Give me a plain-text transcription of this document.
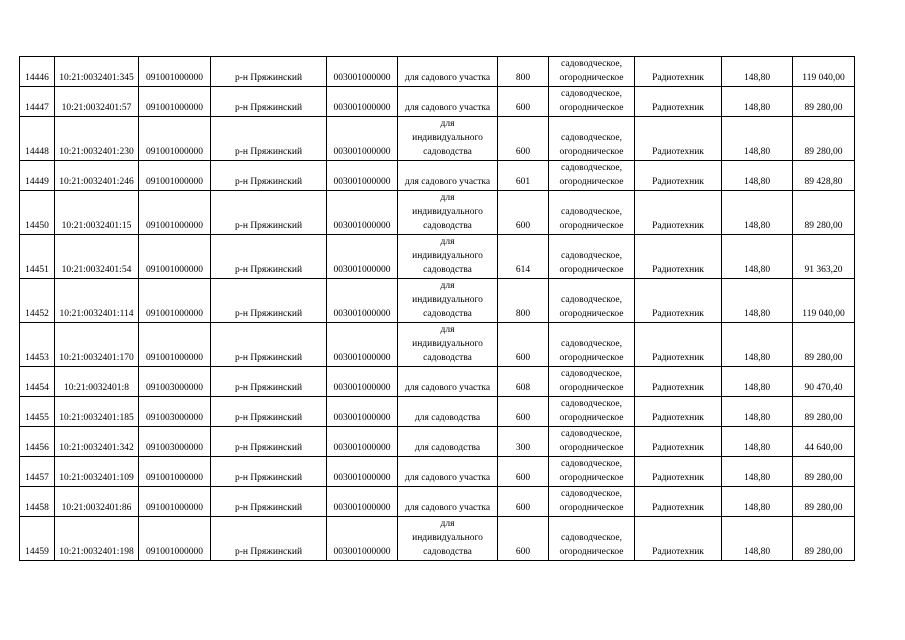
14446	10:21:0032401:345	091001000000	р-н Пряжинский	003001000000	для садового участка	800	садоводческое,
огородническое	Радиотехник	148,80	119 040,00
14447	10:21:0032401:57	091001000000	р-н Пряжинский	003001000000	для садового участка	600	садоводческое,
огородническое	Радиотехник	148,80	89 280,00
14448	10:21:0032401:230	091001000000	р-н Пряжинский	003001000000	для
индивидуального
садоводства	600	садоводческое,
огородническое	Радиотехник	148,80	89 280,00
14449	10:21:0032401:246	091001000000	р-н Пряжинский	003001000000	для садового участка	601	садоводческое,
огородническое	Радиотехник	148,80	89 428,80
14450	10:21:0032401:15	091001000000	р-н Пряжинский	003001000000	для
индивидуального
садоводства	600	садоводческое,
огородническое	Радиотехник	148,80	89 280,00
14451	10:21:0032401:54	091001000000	р-н Пряжинский	003001000000	для
индивидуального
садоводства	614	садоводческое,
огородническое	Радиотехник	148,80	91 363,20
14452	10:21:0032401:114	091001000000	р-н Пряжинский	003001000000	для
индивидуального
садоводства	800	садоводческое,
огородническое	Радиотехник	148,80	119 040,00
14453	10:21:0032401:170	091001000000	р-н Пряжинский	003001000000	для
индивидуального
садоводства	600	садоводческое,
огородническое	Радиотехник	148,80	89 280,00
14454	10:21:0032401:8	091003000000	р-н Пряжинский	003001000000	для садового участка	608	садоводческое,
огородническое	Радиотехник	148,80	90 470,40
14455	10:21:0032401:185	091003000000	р-н Пряжинский	003001000000	для садоводства	600	садоводческое,
огородническое	Радиотехник	148,80	89 280,00
14456	10:21:0032401:342	091003000000	р-н Пряжинский	003001000000	для садоводства	300	садоводческое,
огородническое	Радиотехник	148,80	44 640,00
14457	10:21:0032401:109	091001000000	р-н Пряжинский	003001000000	для садового участка	600	садоводческое,
огородническое	Радиотехник	148,80	89 280,00
14458	10:21:0032401:86	091001000000	р-н Пряжинский	003001000000	для садового участка	600	садоводческое,
огородническое	Радиотехник	148,80	89 280,00
14459	10:21:0032401:198	091001000000	р-н Пряжинский	003001000000	для
индивидуального
садоводства	600	садоводческое,
огородническое	Радиотехник	148,80	89 280,00
